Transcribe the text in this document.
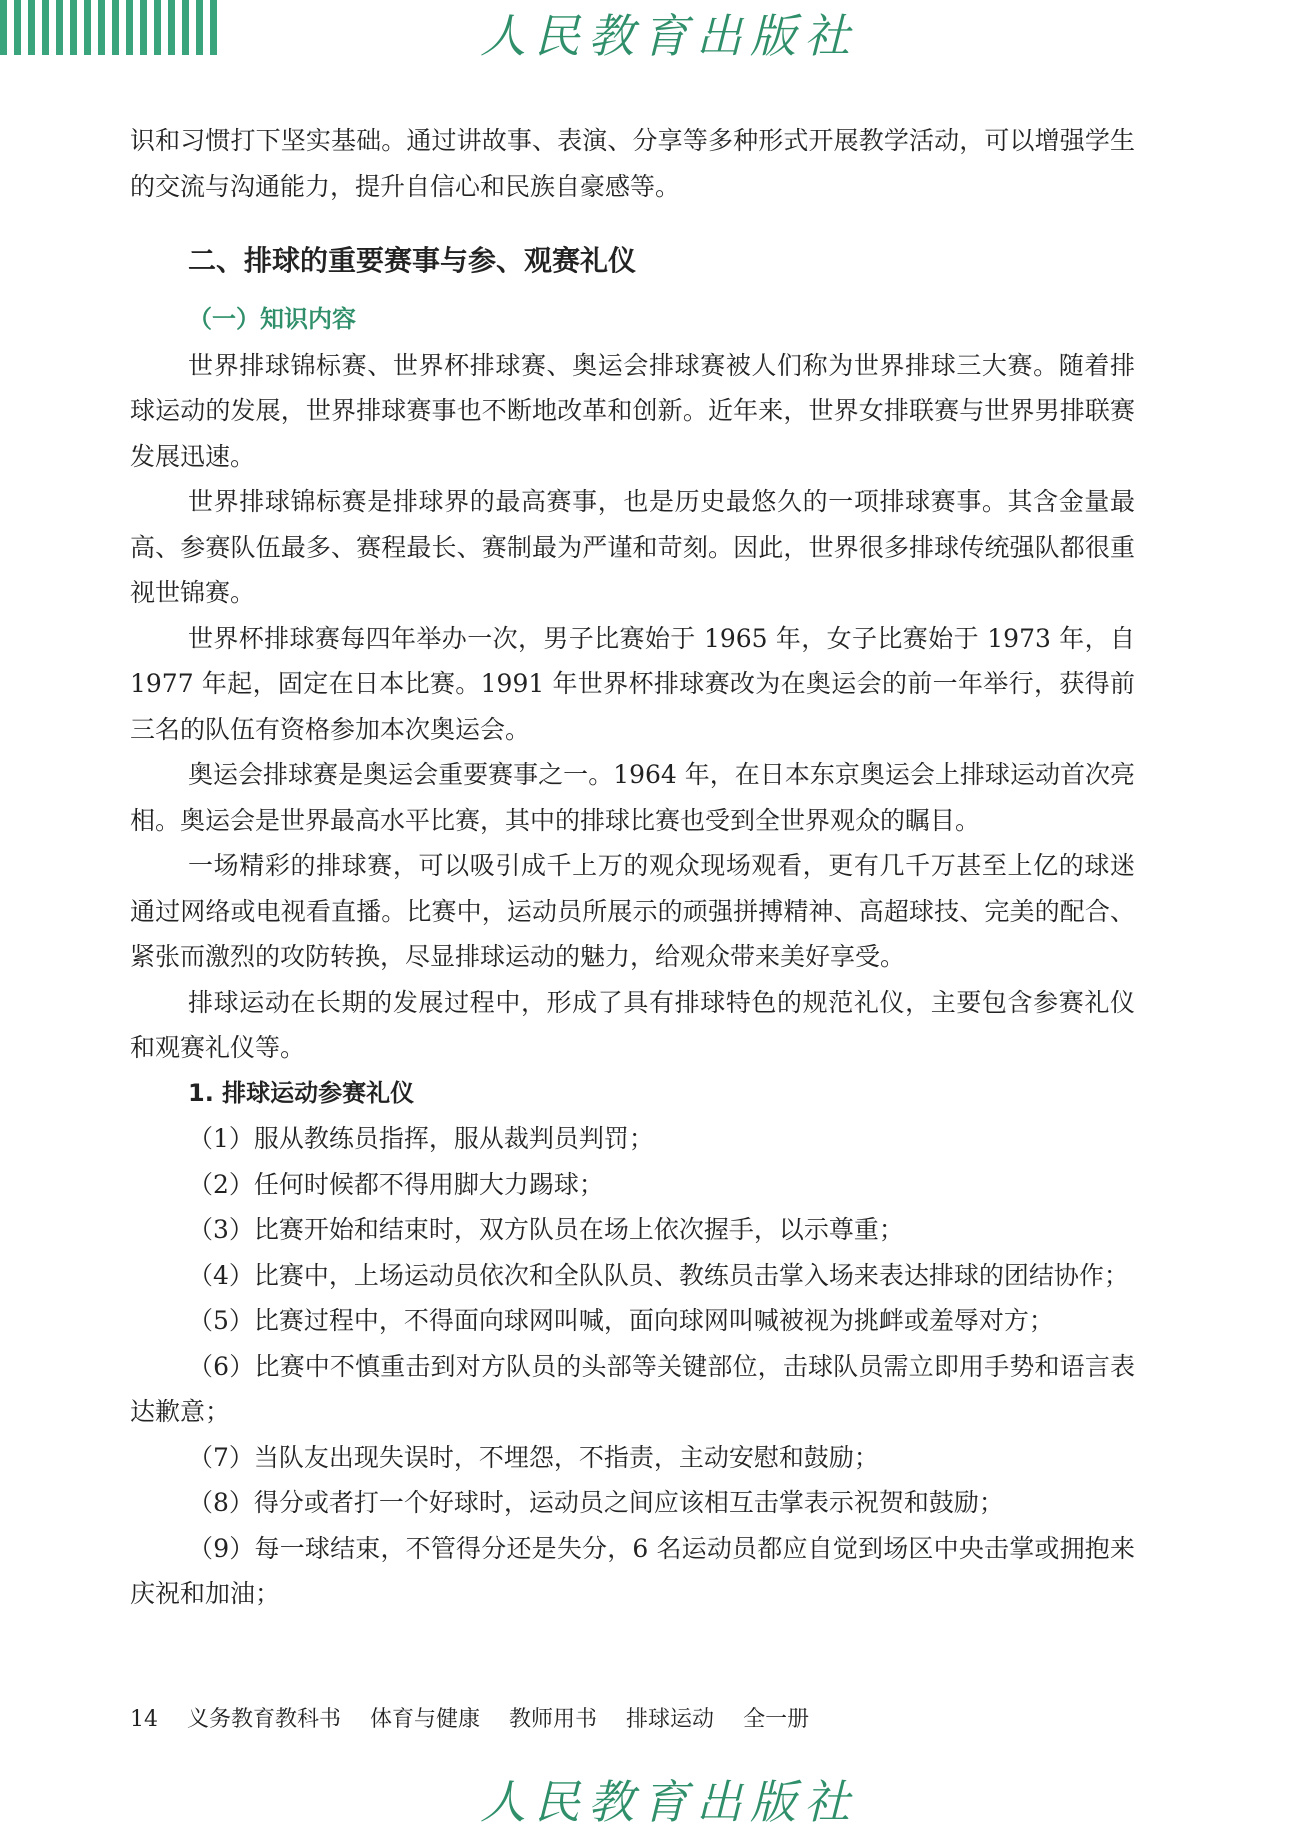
人民教育出版社

识和习惯打下坚实基础。通过讲故事、表演、分享等多种形式开展教学活动，可以增强学生的交流与沟通能力，提升自信心和民族自豪感等。

二、排球的重要赛事与参、观赛礼仪
（一）知识内容

世界排球锦标赛、世界杯排球赛、奥运会排球赛被人们称为世界排球三大赛。随着排球运动的发展，世界排球赛事也不断地改革和创新。近年来，世界女排联赛与世界男排联赛发展迅速。

世界排球锦标赛是排球界的最高赛事，也是历史最悠久的一项排球赛事。其含金量最高、参赛队伍最多、赛程最长、赛制最为严谨和苛刻。因此，世界很多排球传统强队都很重视世锦赛。

世界杯排球赛每四年举办一次，男子比赛始于 1965 年，女子比赛始于 1973 年，自 1977 年起，固定在日本比赛。1991 年世界杯排球赛改为在奥运会的前一年举行，获得前三名的队伍有资格参加本次奥运会。

奥运会排球赛是奥运会重要赛事之一。1964 年，在日本东京奥运会上排球运动首次亮相。奥运会是世界最高水平比赛，其中的排球比赛也受到全世界观众的瞩目。

一场精彩的排球赛，可以吸引成千上万的观众现场观看，更有几千万甚至上亿的球迷通过网络或电视看直播。比赛中，运动员所展示的顽强拼搏精神、高超球技、完美的配合、紧张而激烈的攻防转换，尽显排球运动的魅力，给观众带来美好享受。

排球运动在长期的发展过程中，形成了具有排球特色的规范礼仪，主要包含参赛礼仪和观赛礼仪等。

1. 排球运动参赛礼仪

（1）服从教练员指挥，服从裁判员判罚；

（2）任何时候都不得用脚大力踢球；

（3）比赛开始和结束时，双方队员在场上依次握手，以示尊重；

（4）比赛中，上场运动员依次和全队队员、教练员击掌入场来表达排球的团结协作；

（5）比赛过程中，不得面向球网叫喊，面向球网叫喊被视为挑衅或羞辱对方；

（6）比赛中不慎重击到对方队员的头部等关键部位，击球队员需立即用手势和语言表达歉意；

（7）当队友出现失误时，不埋怨，不指责，主动安慰和鼓励；

（8）得分或者打一个好球时，运动员之间应该相互击掌表示祝贺和鼓励；

（9）每一球结束，不管得分还是失分，6 名运动员都应自觉到场区中央击掌或拥抱来庆祝和加油；

14 义务教育教科书 体育与健康 教师用书 排球运动 全一册
人民教育出版社
